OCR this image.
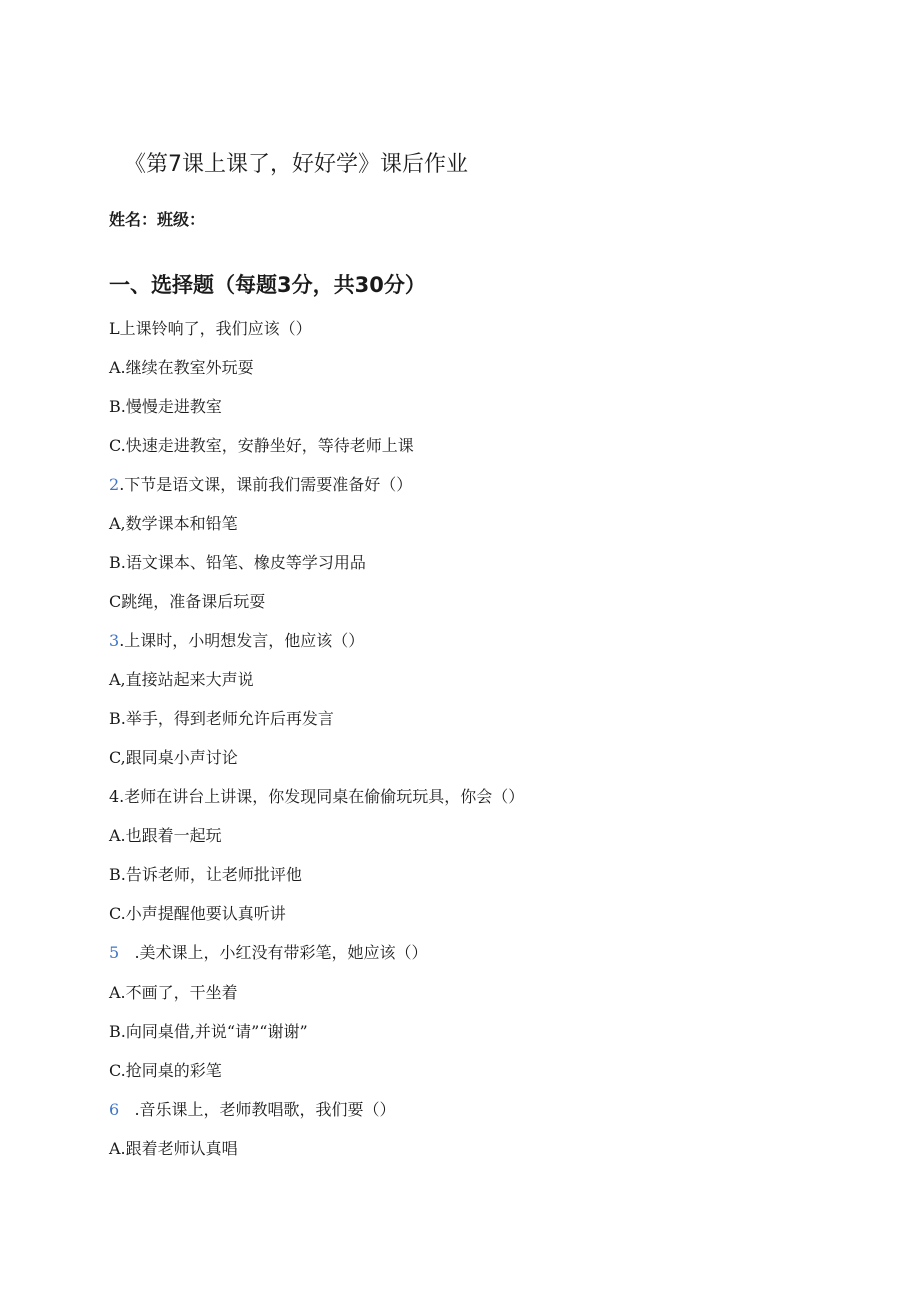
《第7课上课了，好好学》课后作业
姓名：班级：
一、选择题（每题3分，共30分）
L上课铃响了，我们应该（）
A.继续在教室外玩耍
B.慢慢走进教室
C.快速走进教室，安静坐好，等待老师上课
2.下节是语文课，课前我们需要准备好（）
A,数学课本和铅笔
B.语文课本、铅笔、橡皮等学习用品
C跳绳，准备课后玩耍
3.上课时，小明想发言，他应该（）
A,直接站起来大声说
B.举手，得到老师允许后再发言
C,跟同桌小声讨论
4.老师在讲台上讲课，你发现同桌在偷偷玩玩具，你会（）
A.也跟着一起玩
B.告诉老师，让老师批评他
C.小声提醒他要认真听讲
5   .美术课上，小红没有带彩笔，她应该（）
A.不画了，干坐着
B.向同桌借,并说“请”“谢谢”
C.抢同桌的彩笔
6   .音乐课上，老师教唱歌，我们要（）
A.跟着老师认真唱
